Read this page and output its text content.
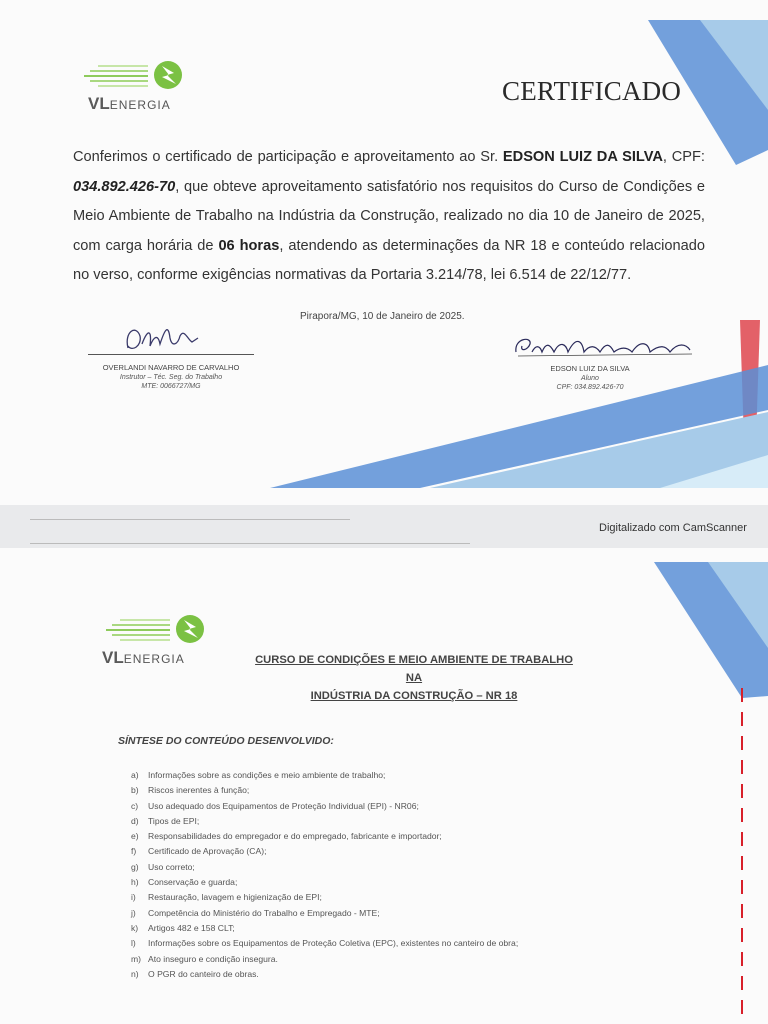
VLENERGIA	CERTIFICADO
Conferimos o certificado de participação e aproveitamento ao Sr. EDSON LUIZ DA SILVA, CPF: 034.892.426-70, que obteve aproveitamento satisfatório nos requisitos do Curso de Condições e Meio Ambiente de Trabalho na Indústria da Construção, realizado no dia 10 de Janeiro de 2025, com carga horária de 06 horas, atendendo as determinações da NR 18 e conteúdo relacionado no verso, conforme exigências normativas da Portaria 3.214/78, lei 6.514 de 22/12/77.
Pirapora/MG, 10 de Janeiro de 2025.
OVERLANDI NAVARRO DE CARVALHO
Instrutor – Téc. Seg. do Trabalho
MTE: 0066727/MG
EDSON LUIZ DA SILVA
Aluno
CPF: 034.892.426-70
Digitalizado com CamScanner
VLENERGIA	CURSO DE CONDIÇÕES E MEIO AMBIENTE DE TRABALHO NA
INDÚSTRIA DA CONSTRUÇÃO – NR 18
SÍNTESE DO CONTEÚDO DESENVOLVIDO:
a) Informações sobre as condições e meio ambiente de trabalho;
b) Riscos inerentes à função;
c) Uso adequado dos Equipamentos de Proteção Individual (EPI) - NR06;
d) Tipos de EPI;
e) Responsabilidades do empregador e do empregado, fabricante e importador;
f) Certificado de Aprovação (CA);
g) Uso correto;
h) Conservação e guarda;
i) Restauração, lavagem e higienização de EPI;
j) Competência do Ministério do Trabalho e Empregado - MTE;
k) Artigos 482 e 158 CLT;
l) Informações sobre os Equipamentos de Proteção Coletiva (EPC), existentes no canteiro de obra;
m) Ato inseguro e condição insegura.
n) O PGR do canteiro de obras.
